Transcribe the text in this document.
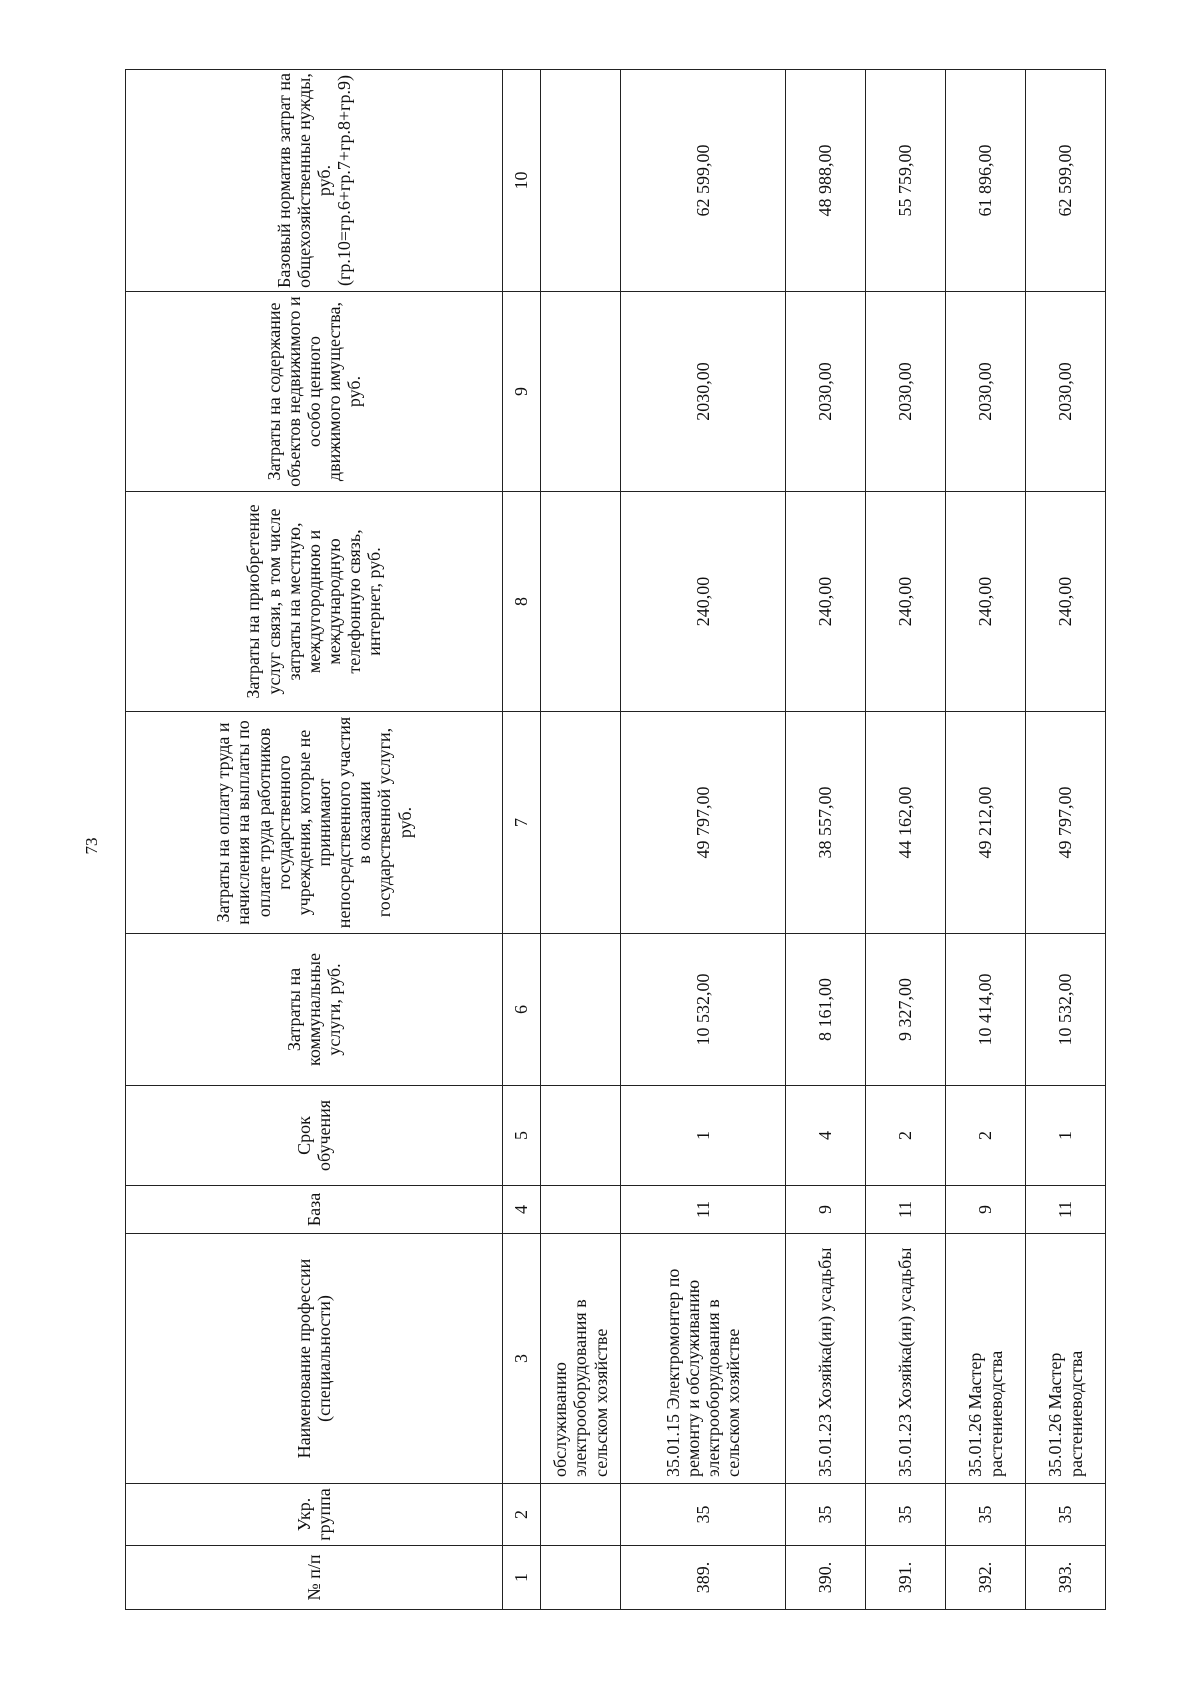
73
№ п/п	Укр. группа	Наименование профессии (специальности)	База	Срок обучения	Затраты на коммунальные услуги, руб.	Затраты на оплату труда и начисления на выплаты по оплате труда работников государственного учреждения, которые не принимают непосредственного участия в оказании государственной услуги, руб.	Затраты на приобретение услуг связи, в том числе затраты на местную, междугороднюю и международную телефонную связь, интернет, руб.	Затраты на содержание объектов недвижимого и особо ценного движимого имущества, руб.	Базовый норматив затрат на общехозяйственные нужды, руб. (гр.10=гр.6+гр.7+гр.8+гр.9)
1	2	3	4	5	6	7	8	9	10
		обслуживанию электрооборудования в сельском хозяйстве							
389.	35	35.01.15 Электромонтер по ремонту и обслуживанию электрооборудования в сельском хозяйстве	11	1	10 532,00	49 797,00	240,00	2030,00	62 599,00
390.	35	35.01.23 Хозяйка(ин) усадьбы	9	4	8 161,00	38 557,00	240,00	2030,00	48 988,00
391.	35	35.01.23 Хозяйка(ин) усадьбы	11	2	9 327,00	44 162,00	240,00	2030,00	55 759,00
392.	35	35.01.26 Мастер растениеводства	9	2	10 414,00	49 212,00	240,00	2030,00	61 896,00
393.	35	35.01.26 Мастер растениеводства	11	1	10 532,00	49 797,00	240,00	2030,00	62 599,00
